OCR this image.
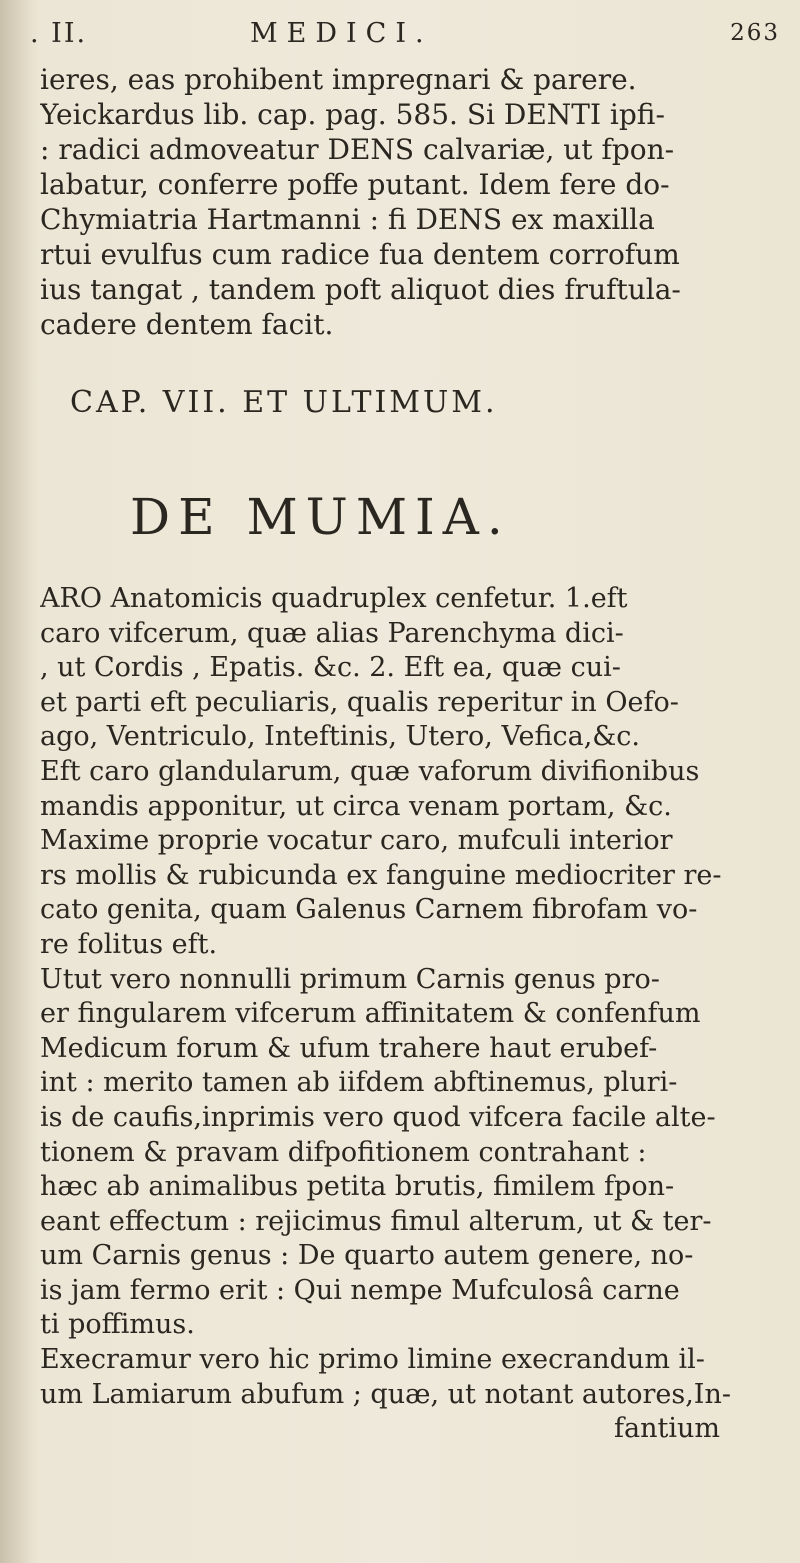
. II.	MEDICI.	263
ieres, eas prohibent impregnari & parere.
Yeickardus lib. cap. pag. 585. Si DENTI ipfi-
: radici admoveatur DENS calvariæ, ut fpon-
labatur, conferre poffe putant. Idem fere do-
Chymiatria Hartmanni : fi DENS ex maxilla
rtui evulfus cum radice fua dentem corrofum
ius tangat , tandem poft aliquot dies fruftula-
cadere dentem facit.
CAP. VII. ET ULTIMUM.
DE MUMIA.
ARO Anatomicis quadruplex cenfetur. 1.eft
caro vifcerum, quæ alias Parenchyma dici-
, ut Cordis , Epatis. &c. 2. Eft ea, quæ cui-
et parti eft peculiaris, qualis reperitur in Oefo-
ago, Ventriculo, Inteftinis, Utero, Vefica,&c.
Eft caro glandularum, quæ vaforum divifionibus
mandis apponitur, ut circa venam portam, &c.
Maxime proprie vocatur caro, mufculi interior
rs mollis & rubicunda ex fanguine mediocriter re-
cato genita, quam Galenus Carnem fibrofam vo-
re folitus eft.
Utut vero nonnulli primum Carnis genus pro-
er fingularem vifcerum affinitatem & confenfum
Medicum forum & ufum trahere haut erubef-
int : merito tamen ab iifdem abftinemus, pluri-
is de caufis,inprimis vero quod vifcera facile alte-
tionem & pravam difpofitionem contrahant :
hæc ab animalibus petita brutis, fimilem fpon-
eant effectum : rejicimus fimul alterum, ut & ter-
um Carnis genus : De quarto autem genere, no-
is jam fermo erit : Qui nempe Mufculosâ carne
ti poffimus.
Execramur vero hic primo limine execrandum il-
um Lamiarum abufum ; quæ, ut notant autores,In-
fantium
